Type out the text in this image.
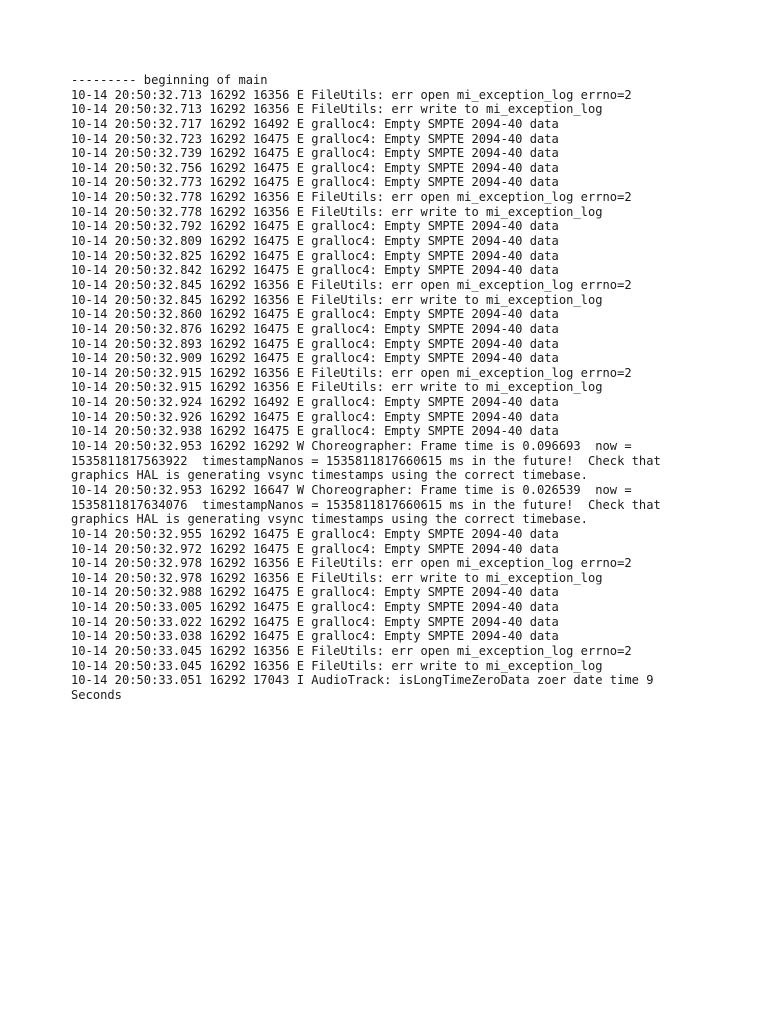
--------- beginning of main
10-14 20:50:32.713 16292 16356 E FileUtils: err open mi_exception_log errno=2
10-14 20:50:32.713 16292 16356 E FileUtils: err write to mi_exception_log
10-14 20:50:32.717 16292 16492 E gralloc4: Empty SMPTE 2094-40 data
10-14 20:50:32.723 16292 16475 E gralloc4: Empty SMPTE 2094-40 data
10-14 20:50:32.739 16292 16475 E gralloc4: Empty SMPTE 2094-40 data
10-14 20:50:32.756 16292 16475 E gralloc4: Empty SMPTE 2094-40 data
10-14 20:50:32.773 16292 16475 E gralloc4: Empty SMPTE 2094-40 data
10-14 20:50:32.778 16292 16356 E FileUtils: err open mi_exception_log errno=2
10-14 20:50:32.778 16292 16356 E FileUtils: err write to mi_exception_log
10-14 20:50:32.792 16292 16475 E gralloc4: Empty SMPTE 2094-40 data
10-14 20:50:32.809 16292 16475 E gralloc4: Empty SMPTE 2094-40 data
10-14 20:50:32.825 16292 16475 E gralloc4: Empty SMPTE 2094-40 data
10-14 20:50:32.842 16292 16475 E gralloc4: Empty SMPTE 2094-40 data
10-14 20:50:32.845 16292 16356 E FileUtils: err open mi_exception_log errno=2
10-14 20:50:32.845 16292 16356 E FileUtils: err write to mi_exception_log
10-14 20:50:32.860 16292 16475 E gralloc4: Empty SMPTE 2094-40 data
10-14 20:50:32.876 16292 16475 E gralloc4: Empty SMPTE 2094-40 data
10-14 20:50:32.893 16292 16475 E gralloc4: Empty SMPTE 2094-40 data
10-14 20:50:32.909 16292 16475 E gralloc4: Empty SMPTE 2094-40 data
10-14 20:50:32.915 16292 16356 E FileUtils: err open mi_exception_log errno=2
10-14 20:50:32.915 16292 16356 E FileUtils: err write to mi_exception_log
10-14 20:50:32.924 16292 16492 E gralloc4: Empty SMPTE 2094-40 data
10-14 20:50:32.926 16292 16475 E gralloc4: Empty SMPTE 2094-40 data
10-14 20:50:32.938 16292 16475 E gralloc4: Empty SMPTE 2094-40 data
10-14 20:50:32.953 16292 16292 W Choreographer: Frame time is 0.096693  now =
1535811817563922  timestampNanos = 1535811817660615 ms in the future!  Check that
graphics HAL is generating vsync timestamps using the correct timebase.
10-14 20:50:32.953 16292 16647 W Choreographer: Frame time is 0.026539  now =
1535811817634076  timestampNanos = 1535811817660615 ms in the future!  Check that
graphics HAL is generating vsync timestamps using the correct timebase.
10-14 20:50:32.955 16292 16475 E gralloc4: Empty SMPTE 2094-40 data
10-14 20:50:32.972 16292 16475 E gralloc4: Empty SMPTE 2094-40 data
10-14 20:50:32.978 16292 16356 E FileUtils: err open mi_exception_log errno=2
10-14 20:50:32.978 16292 16356 E FileUtils: err write to mi_exception_log
10-14 20:50:32.988 16292 16475 E gralloc4: Empty SMPTE 2094-40 data
10-14 20:50:33.005 16292 16475 E gralloc4: Empty SMPTE 2094-40 data
10-14 20:50:33.022 16292 16475 E gralloc4: Empty SMPTE 2094-40 data
10-14 20:50:33.038 16292 16475 E gralloc4: Empty SMPTE 2094-40 data
10-14 20:50:33.045 16292 16356 E FileUtils: err open mi_exception_log errno=2
10-14 20:50:33.045 16292 16356 E FileUtils: err write to mi_exception_log
10-14 20:50:33.051 16292 17043 I AudioTrack: isLongTimeZeroData zoer date time 9
Seconds
